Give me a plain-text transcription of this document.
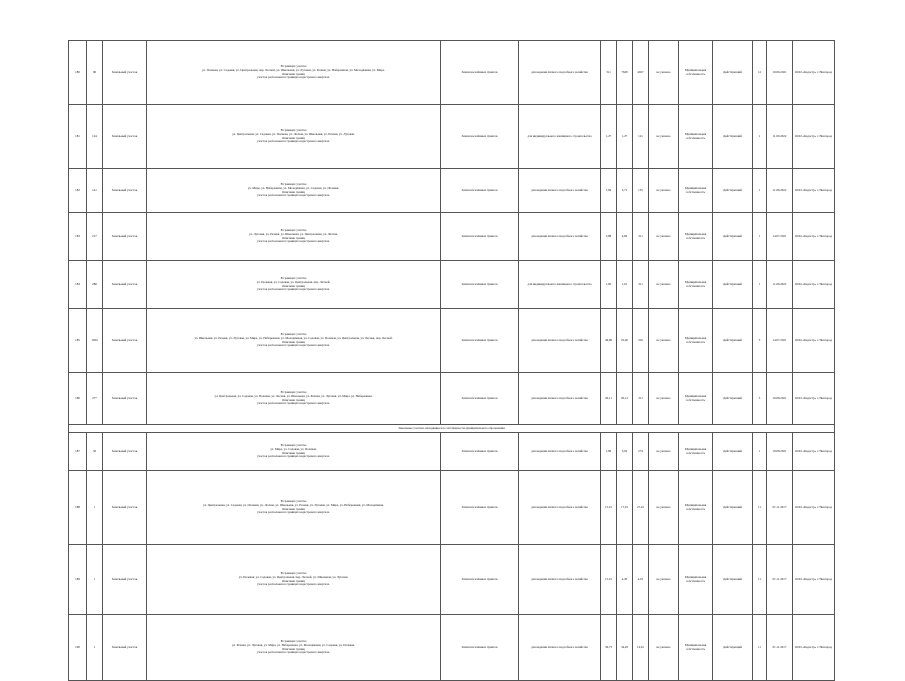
180	96	Земельный участок	В границах участка
ул. Полевая, ул. Садовая, ул. Центральная, пер. Лесной, ул. Школьная, ул. Луговая, ул. Речная, ул. Набережная, ул. Молодёжная, ул. Мира.
Описание границ
участок расположен в границах кадастрового квартала.	Земли населённых пунктов	для ведения личного подсобного хозяйства	311	7628	4027	не указано	Муниципальная собственность	Действующий	12	10.06.2021	ООО «Кадастр» г. Новгород
181	124	Земельный участок	В границах участка
ул. Центральная, ул. Садовая, ул. Полевая, ул. Лесная, ул. Школьная, ул. Речная, ул. Луговая.
Описание границ
участок расположен в границах кадастрового квартала.	Земли населённых пунктов	для индивидуального жилищного строительства	1,27	1,27	121	не указано	Муниципальная собственность	Действующий	1	11.09.2022	ООО «Кадастр» г. Новгород
182	141	Земельный участок	В границах участка
ул. Мира, ул. Набережная, ул. Молодёжная, ул. Садовая, ул. Полевая.
Описание границ
участок расположен в границах кадастрового квартала.	Земли населённых пунктов	для ведения личного подсобного хозяйства	7,09	5,71	155	не указано	Муниципальная собственность	Действующий	1	11.09.2022	ООО «Кадастр» г. Новгород
183	217	Земельный участок	В границах участка
ул. Луговая, ул. Речная, ул. Школьная, ул. Центральная, ул. Лесная.
Описание границ
участок расположен в границах кадастрового квартала.	Земли населённых пунктов	для ведения личного подсобного хозяйства	3,88	4,82	311	не указано	Муниципальная собственность	Действующий	1	14.07.2021	ООО «Кадастр» г. Новгород
184	286	Земельный участок	В границах участка
ул. Полевая, ул. Садовая, ул. Центральная, пер. Лесной.
Описание границ
участок расположен в границах кадастрового квартала.	Земли населённых пунктов	для индивидуального жилищного строительства	1,60	1,61	311	не указано	Муниципальная собственность	Действующий	1	11.09.2022	ООО «Кадастр» г. Новгород
185	1024	Земельный участок	В границах участка
ул. Школьная, ул. Речная, ул. Луговая, ул. Мира, ул. Набережная, ул. Молодёжная, ул. Садовая, ул. Полевая, ул. Центральная, ул. Лесная, пер. Лесной.
Описание границ
участок расположен в границах кадастрового квартала.	Земли населённых пунктов	для ведения личного подсобного хозяйства	46,99	25,40	316	не указано	Муниципальная собственность	Действующий	3	14.07.2021	ООО «Кадастр» г. Новгород
186	277	Земельный участок	В границах участка
ул. Центральная, ул. Садовая, ул. Полевая, ул. Лесная, ул. Школьная, ул. Речная, ул. Луговая, ул. Мира, ул. Набережная.
Описание границ
участок расположен в границах кадастрового квартала.	Земли населённых пунктов	для ведения личного подсобного хозяйства	20,11	20,21	311	не указано	Муниципальная собственность	Действующий	5	10.08.2021	ООО «Кадастр» г. Новгород
Земельные участки, находящиеся в собственности муниципального образования														
187	50	Земельный участок	В границах участка
ул. Мира, ул. Садовая, ул. Полевая.
Описание границ
участок расположен в границах кадастрового квартала.	Земли населённых пунктов	для ведения личного подсобного хозяйства	1,86	3,02	274	не указано	Муниципальная собственность	Действующий	1	10.08.2021	ООО «Кадастр» г. Новгород
188	1	Земельный участок	В границах участка
ул. Центральная, ул. Садовая, ул. Полевая, ул. Лесная, ул. Школьная, ул. Речная, ул. Луговая, ул. Мира, ул. Набережная, ул. Молодёжная.
Описание границ
участок расположен в границах кадастрового квартала.	Земли населённых пунктов	для ведения личного подсобного хозяйства	15,01	17,01	27,22	не указано	Муниципальная собственность	Действующий	11	01.11.2017	ООО «Кадастр» г. Новгород
189	1	Земельный участок	В границах участка
ул. Полевая, ул. Садовая, ул. Центральная, пер. Лесной, ул. Школьная, ул. Луговая.
Описание границ
участок расположен в границах кадастрового квартала.	Земли населённых пунктов	для ведения личного подсобного хозяйства	15,01	4,20	4,01	не указано	Муниципальная собственность	Действующий	11	01.11.2017	ООО «Кадастр» г. Новгород
190	1	Земельный участок	В границах участка
ул. Речная, ул. Луговая, ул. Мира, ул. Набережная, ул. Молодёжная, ул. Садовая, ул. Полевая.
Описание границ
участок расположен в границах кадастрового квартала.	Земли населённых пунктов	для ведения личного подсобного хозяйства	36,73	34,29	14,61	не указано	Муниципальная собственность	Действующий	11	01.11.2017	ООО «Кадастр» г. Новгород
